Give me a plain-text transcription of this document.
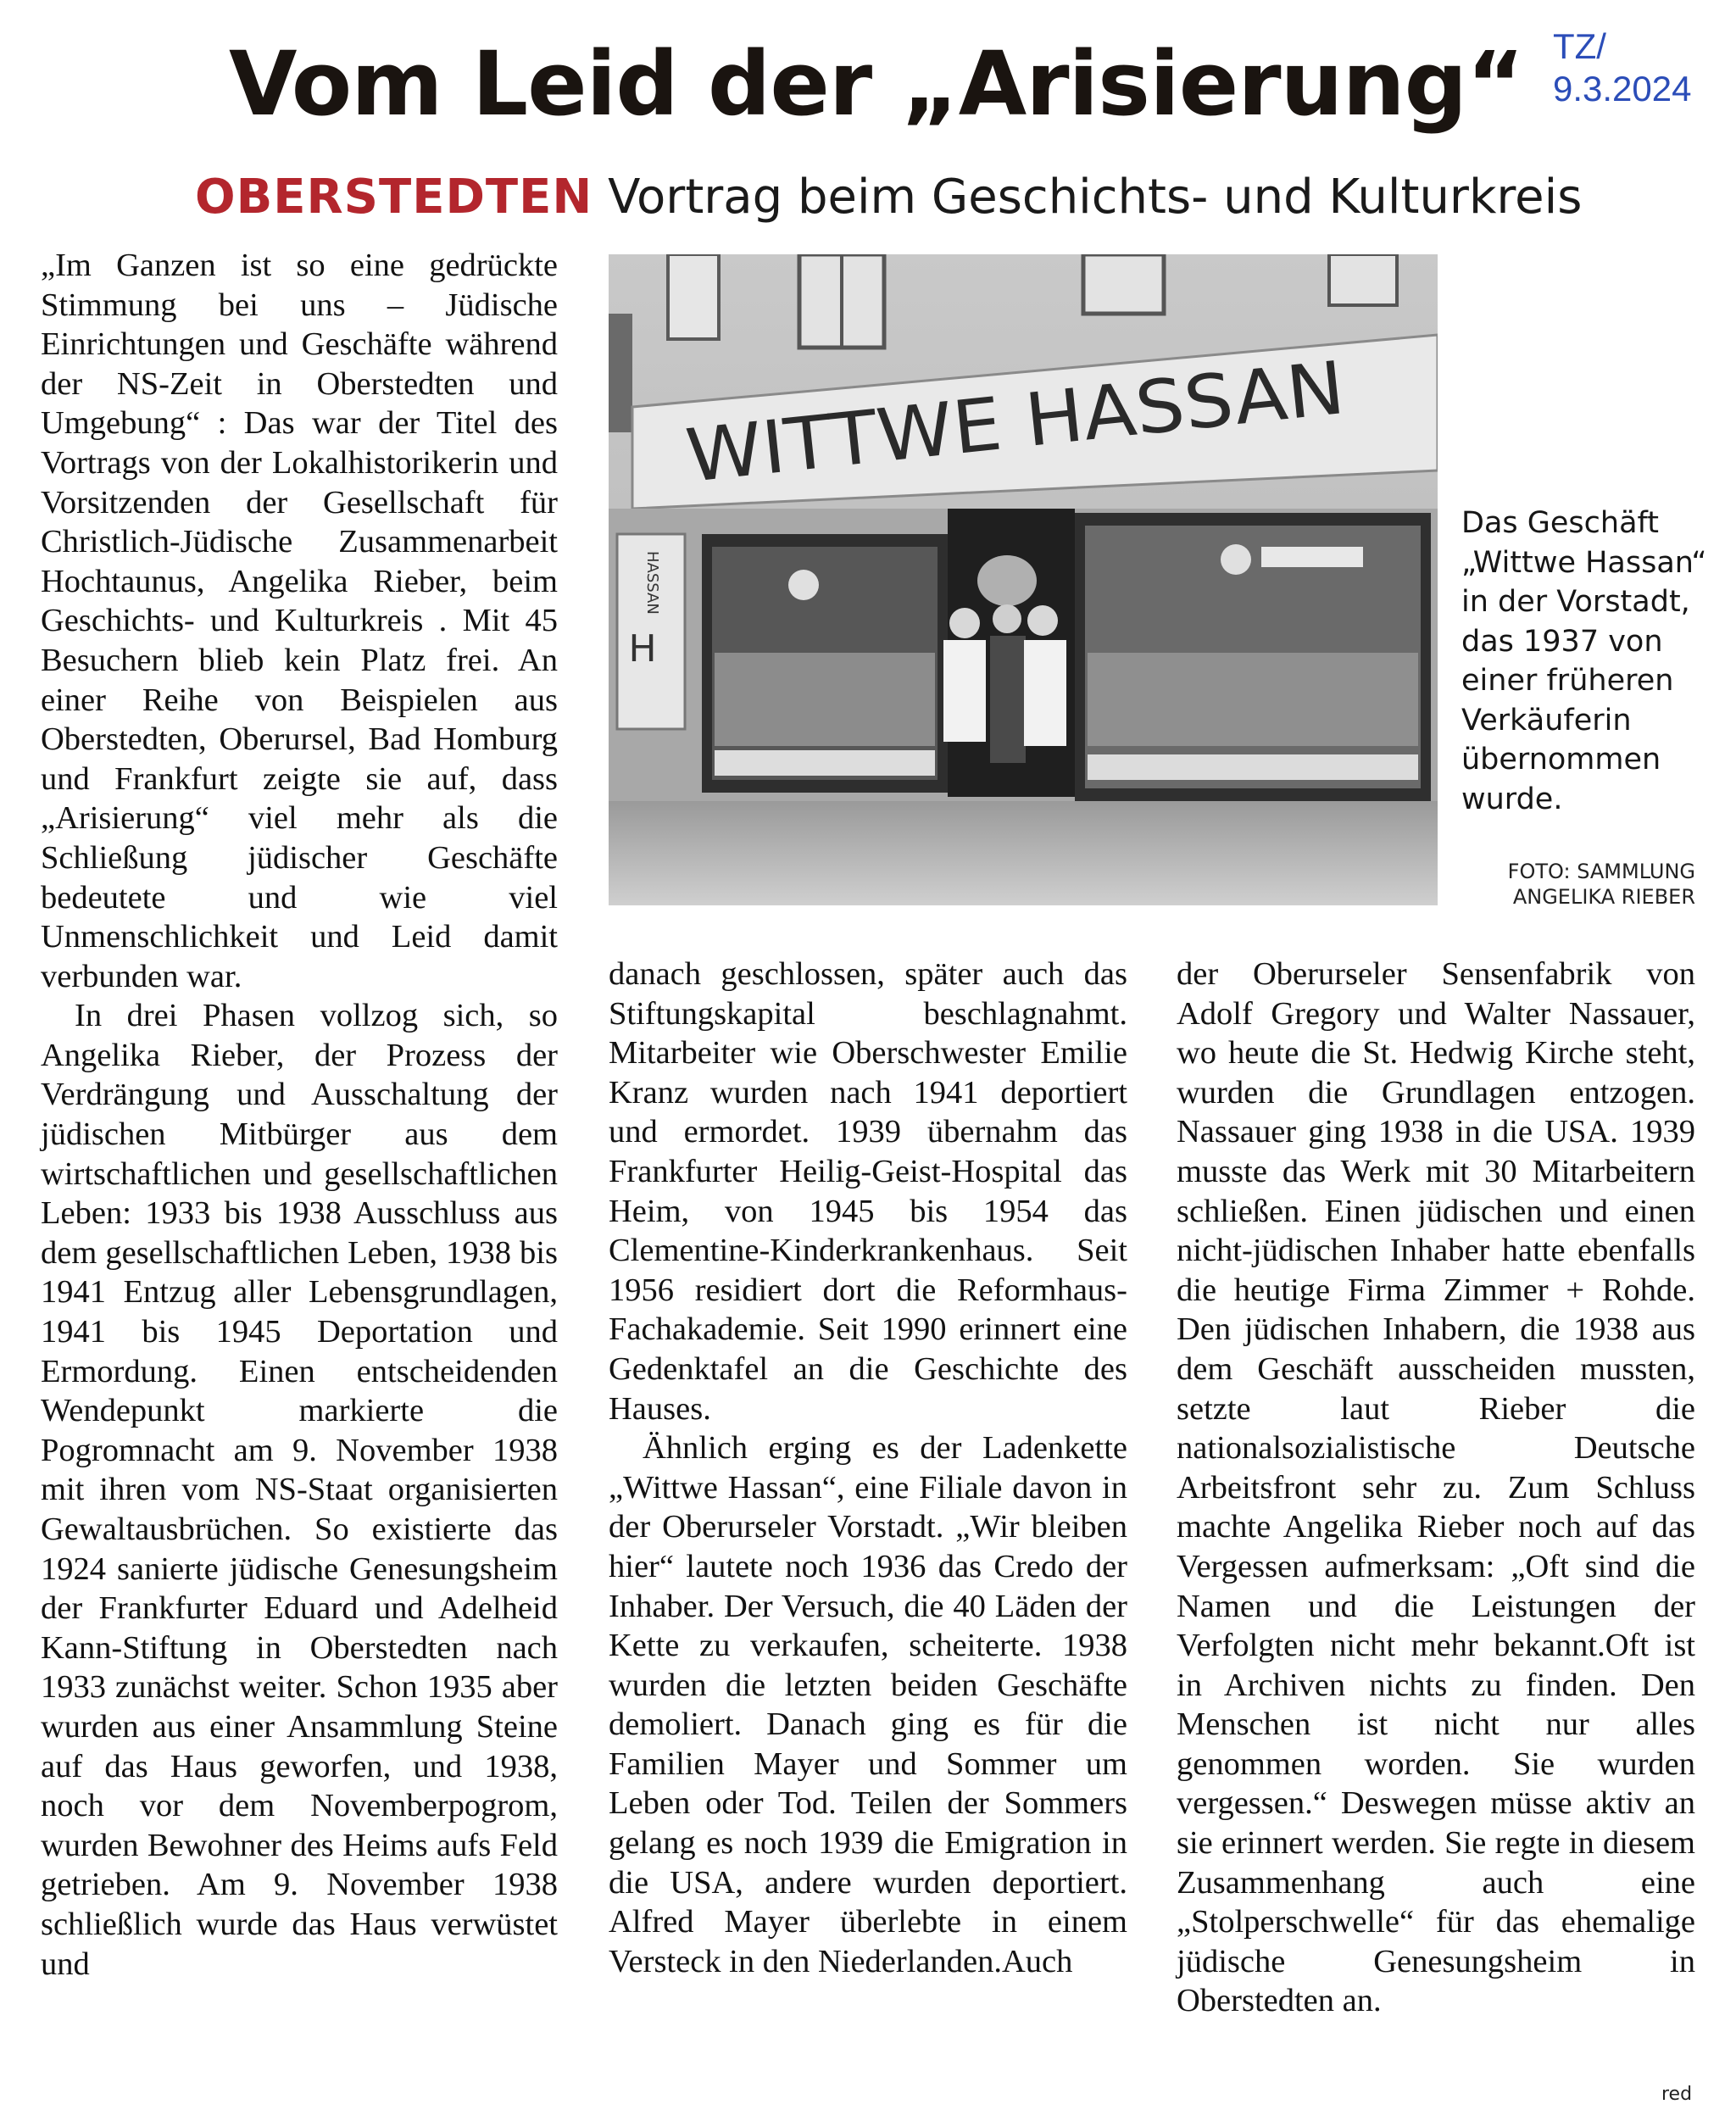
Vom Leid der „Arisierung“ TZ/
9.3.2024
OBERSTEDTEN Vortrag beim Geschichts- und Kulturkreis

„Im Ganzen ist so eine gedrückte Stimmung bei uns – Jüdische Einrichtungen und Geschäfte während der NS-Zeit in Oberstedten und Umgebung“ : Das war der Titel des Vortrags von der Lokalhistorikerin und Vorsitzenden der Gesellschaft für Christlich-Jüdische Zusammenarbeit Hochtaunus, Angelika Rieber, beim Geschichts- und Kulturkreis . Mit 45 Besuchern blieb kein Platz frei. An einer Reihe von Beispielen aus Oberstedten, Oberursel, Bad Homburg und Frankfurt zeigte sie auf, dass „Arisierung“ viel mehr als die Schließung jüdischer Geschäfte bedeutete und wie viel Unmenschlichkeit und Leid damit verbunden war.

In drei Phasen vollzog sich, so Angelika Rieber, der Prozess der Verdrängung und Ausschaltung der jüdischen Mitbürger aus dem wirtschaftlichen und gesellschaftlichen Leben: 1933 bis 1938 Ausschluss aus dem gesellschaftlichen Leben, 1938 bis 1941 Entzug aller Lebensgrundlagen, 1941 bis 1945 Deportation und Ermordung. Einen entscheidenden Wendepunkt markierte die Pogromnacht am 9. November 1938 mit ihren vom NS-Staat organisierten Gewaltausbrüchen. So existierte das 1924 sanierte jüdische Genesungsheim der Frankfurter Eduard und Adelheid Kann-Stiftung in Oberstedten nach 1933 zunächst weiter. Schon 1935 aber wurden aus einer Ansammlung Steine auf das Haus geworfen, und 1938, noch vor dem Novemberpogrom, wurden Bewohner des Heims aufs Feld getrieben. Am 9. November 1938 schließlich wurde das Haus verwüstet und

WITTWE HASSAN
HASSAN
H
Das Geschäft „Wittwe Hassan“ in der Vorstadt, das 1937 von einer früheren Verkäuferin übernommen wurde.
FOTO: SAMMLUNG
ANGELIKA RIEBER

danach geschlossen, später auch das Stiftungskapital beschlagnahmt. Mitarbeiter wie Oberschwester Emilie Kranz wurden nach 1941 deportiert und ermordet. 1939 übernahm das Frankfurter Heilig-Geist-Hospital das Heim, von 1945 bis 1954 das Clementine-Kinderkrankenhaus. Seit 1956 residiert dort die Reformhaus-Fachakademie. Seit 1990 erinnert eine Gedenktafel an die Geschichte des Hauses.

Ähnlich erging es der Ladenkette „Wittwe Hassan“, eine Filiale davon in der Oberurseler Vorstadt. „Wir bleiben hier“ lautete noch 1936 das Credo der Inhaber. Der Versuch, die 40 Läden der Kette zu verkaufen, scheiterte. 1938 wurden die letzten beiden Geschäfte demoliert. Danach ging es für die Familien Mayer und Sommer um Leben oder Tod. Teilen der Sommers gelang es noch 1939 die Emigration in die USA, andere wurden deportiert. Alfred Mayer überlebte in einem Versteck in den Niederlanden.Auch

der Oberurseler Sensenfabrik von Adolf Gregory und Walter Nassauer, wo heute die St. Hedwig Kirche steht, wurden die Grundlagen entzogen. Nassauer ging 1938 in die USA. 1939 musste das Werk mit 30 Mitarbeitern schließen. Einen jüdischen und einen nicht-jüdischen Inhaber hatte ebenfalls die heutige Firma Zimmer + Rohde. Den jüdischen Inhabern, die 1938 aus dem Geschäft ausscheiden mussten, setzte laut Rieber die nationalsozialistische Deutsche Arbeitsfront sehr zu. Zum Schluss machte Angelika Rieber noch auf das Vergessen aufmerksam: „Oft sind die Namen und die Leistungen der Verfolgten nicht mehr bekannt.Oft ist in Archiven nichts zu finden. Den Menschen ist nicht nur alles genommen worden. Sie wurden vergessen.“ Deswegen müsse aktiv an sie erinnert werden. Sie regte in diesem Zusammenhang auch eine „Stolperschwelle“ für das ehemalige jüdische Genesungsheim in Oberstedten an.

red
